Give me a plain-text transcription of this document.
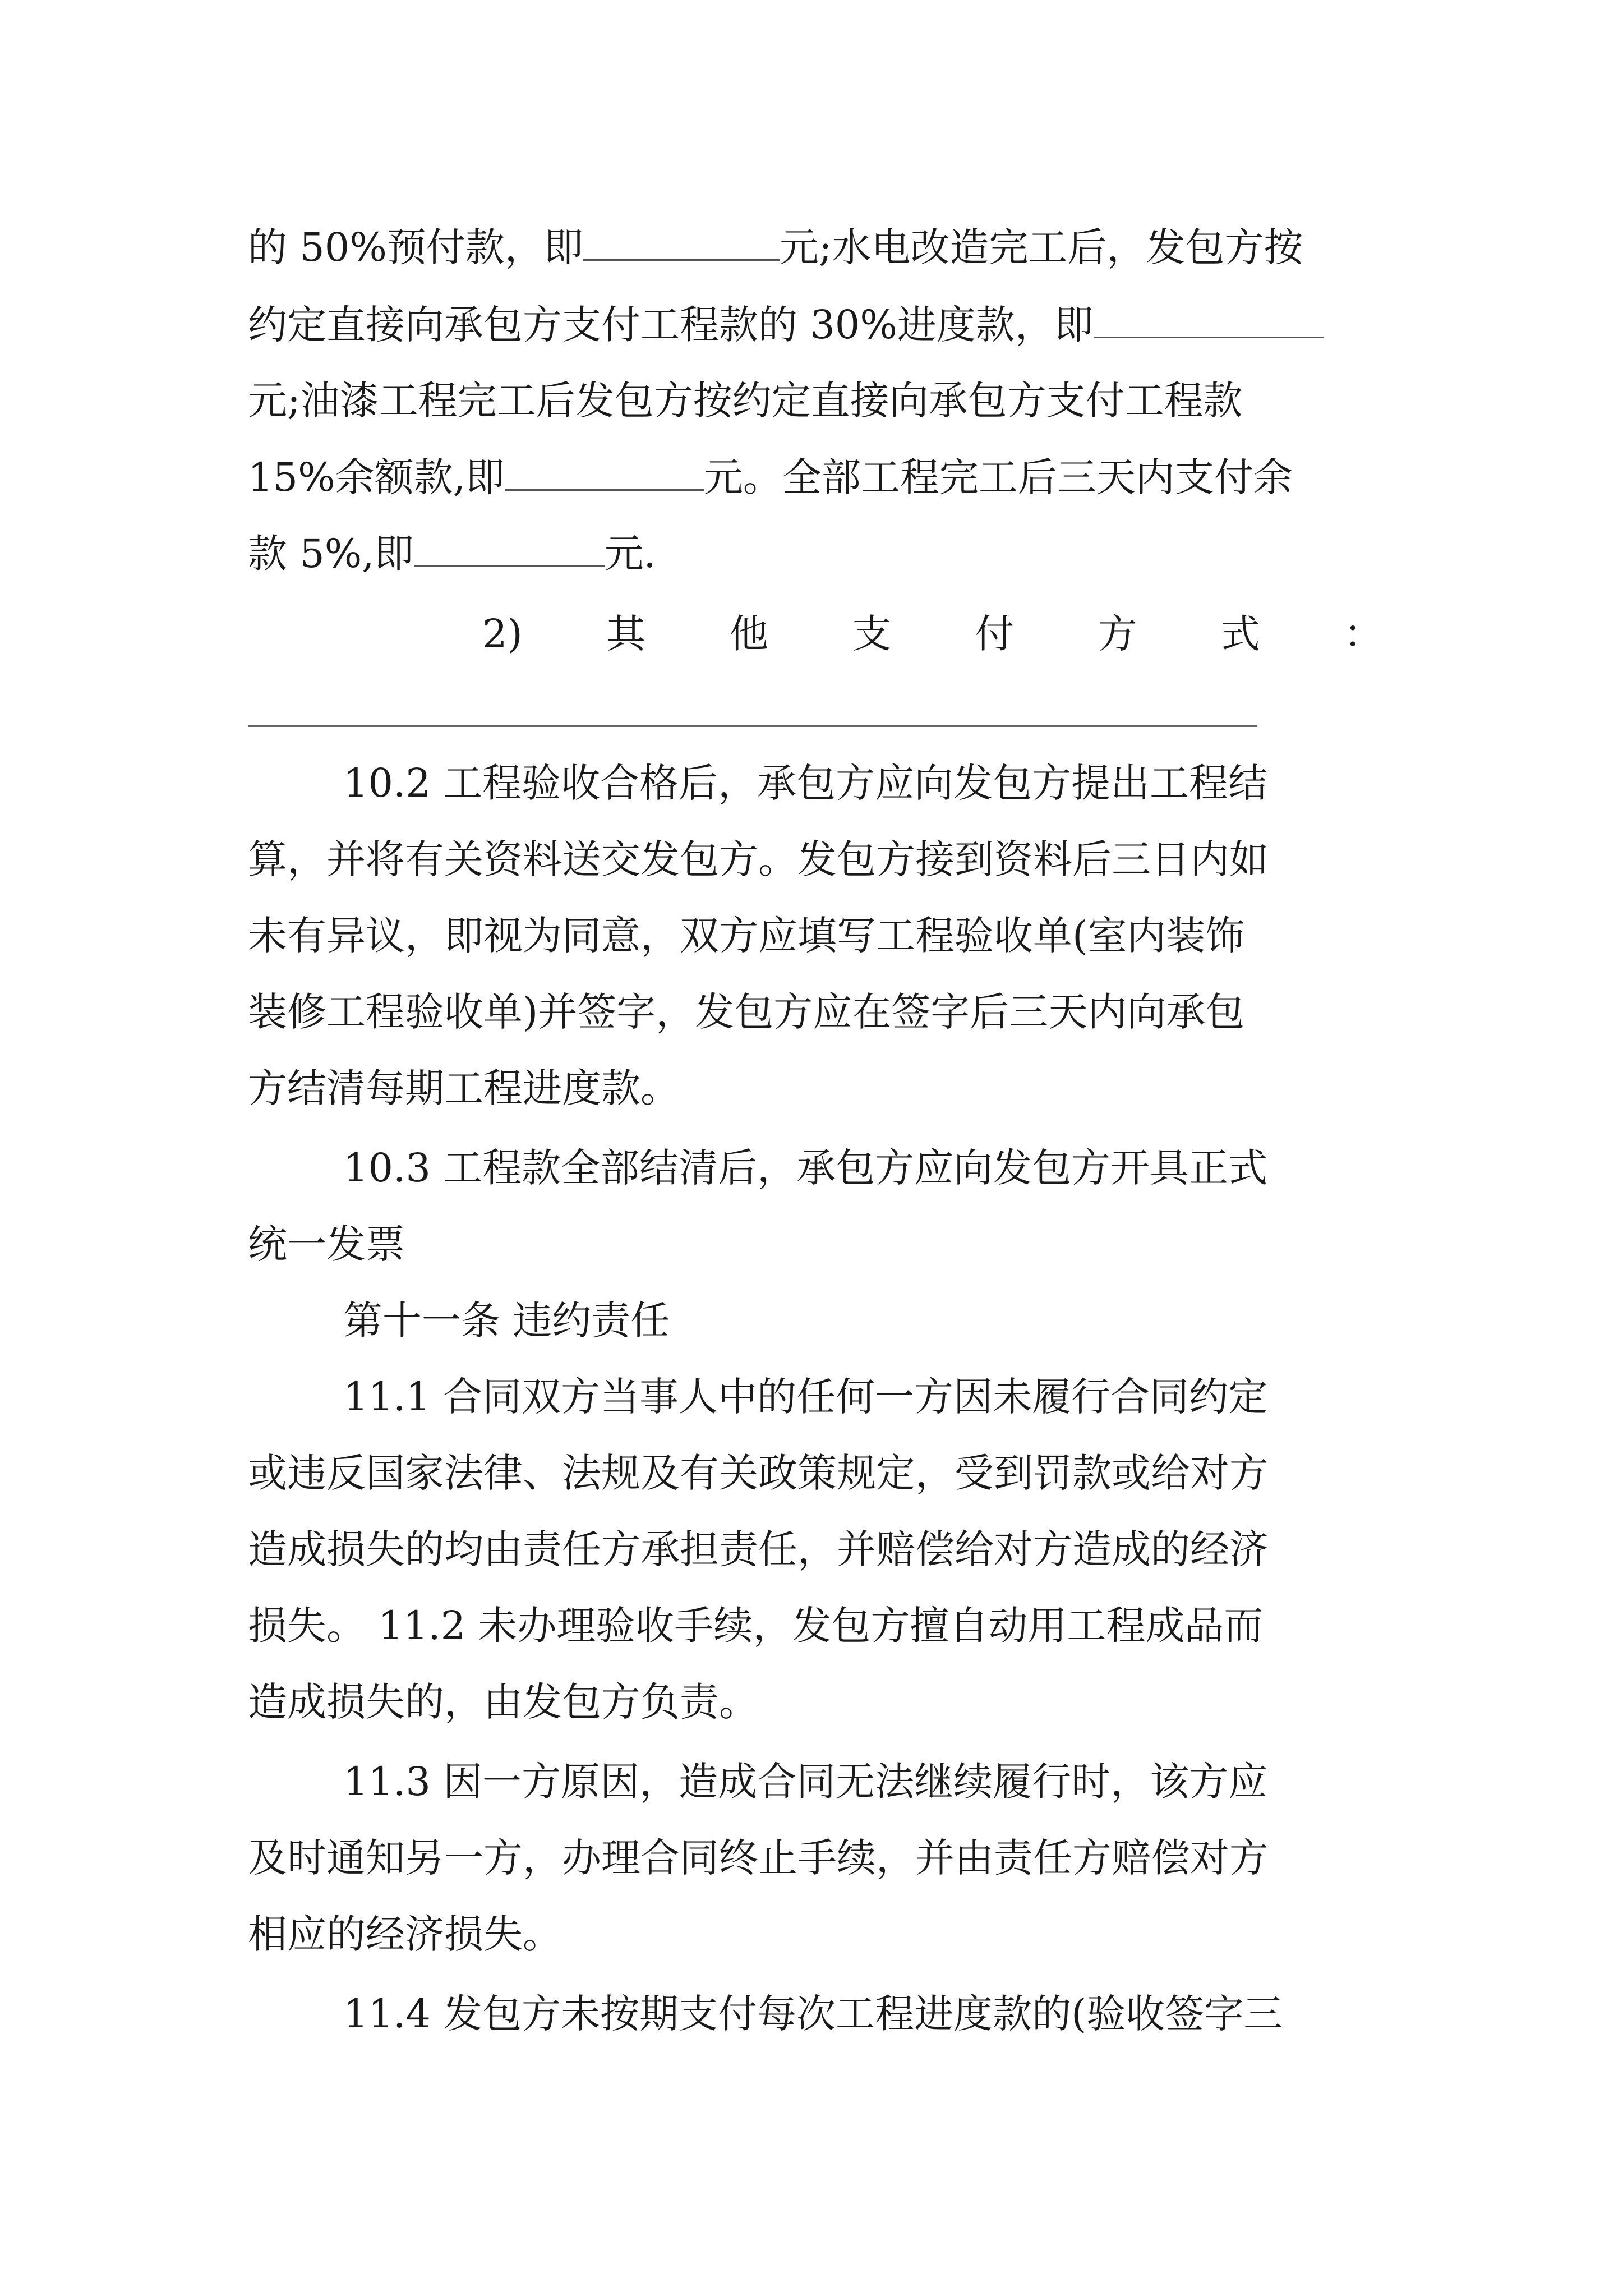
的 50%预付款，即	元;水电改造完工后，发包方按
约定直接向承包方支付工程款的 30%进度款，即
元;油漆工程完工后发包方按约定直接向承包方支付工程款
15%余额款,即	元。全部工程完工后三天内支付余
款 5%,即	元.
2) 其 他 支 付 方 式 ：
10.2 工程验收合格后，承包方应向发包方提出工程结
算，并将有关资料送交发包方。发包方接到资料后三日内如
未有异议，即视为同意，双方应填写工程验收单(室内装饰
装修工程验收单)并签字，发包方应在签字后三天内向承包
方结清每期工程进度款。
10.3 工程款全部结清后，承包方应向发包方开具正式
统一发票
第十一条 违约责任
11.1 合同双方当事人中的任何一方因未履行合同约定
或违反国家法律、法规及有关政策规定，受到罚款或给对方
造成损失的均由责任方承担责任，并赔偿给对方造成的经济
损失。 11.2 未办理验收手续，发包方擅自动用工程成品而
造成损失的，由发包方负责。
11.3 因一方原因，造成合同无法继续履行时，该方应
及时通知另一方，办理合同终止手续，并由责任方赔偿对方
相应的经济损失。
11.4 发包方未按期支付每次工程进度款的(验收签字三
